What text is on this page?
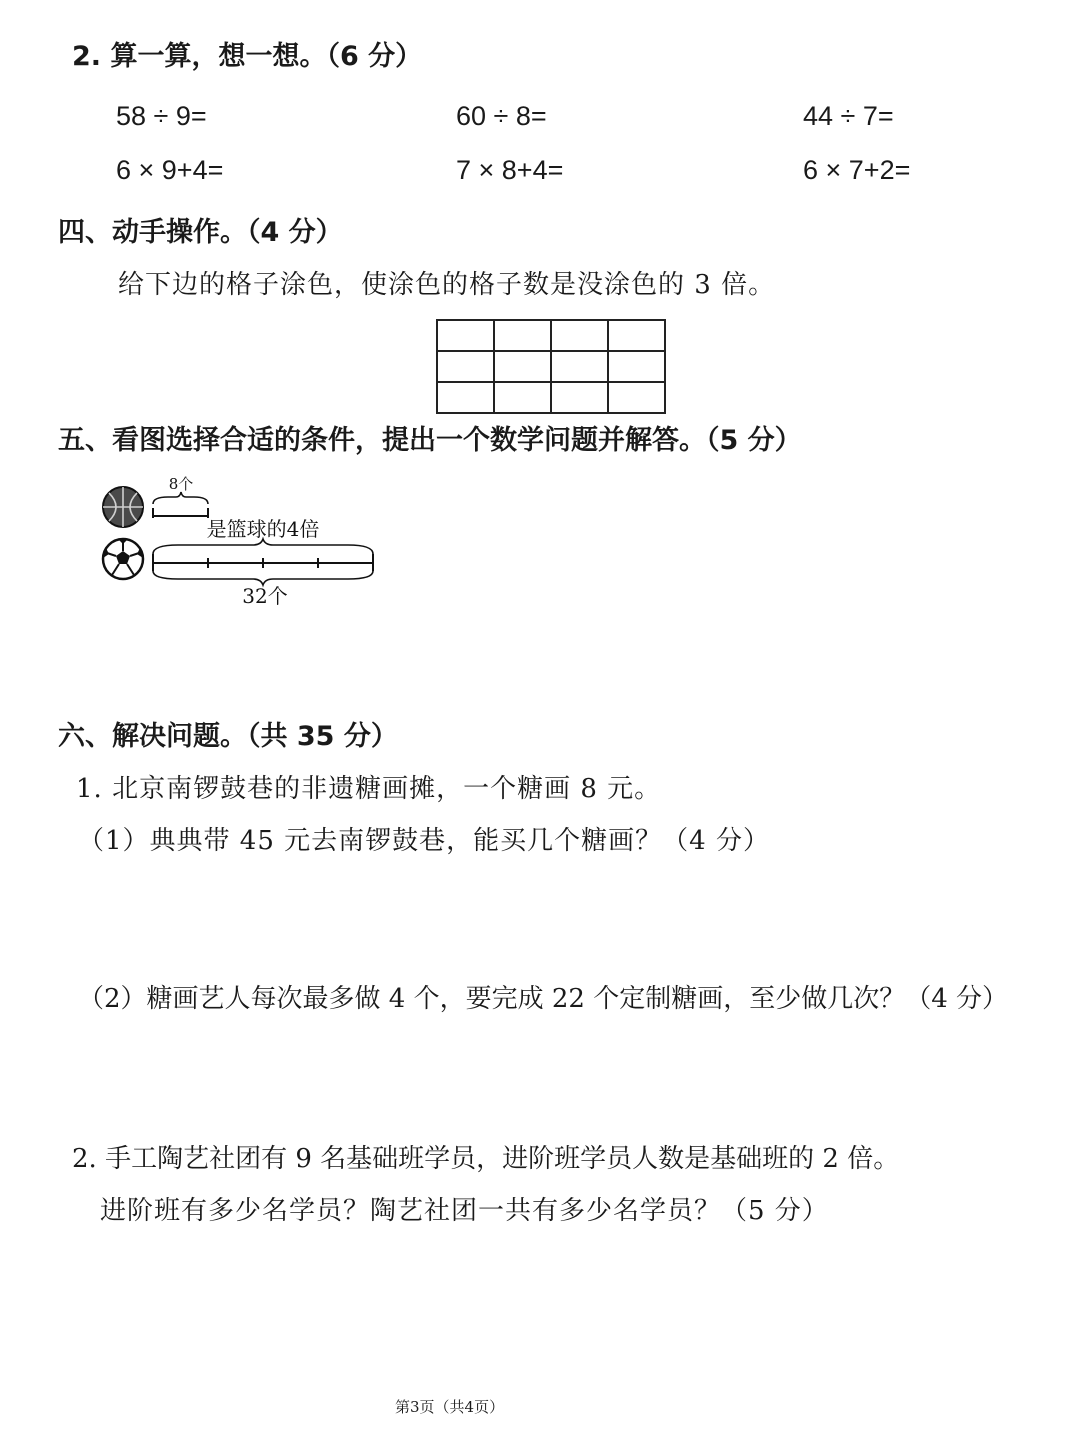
2. 算一算，想一想。（6 分）
58 ÷ 9=	60 ÷ 8=	44 ÷ 7=
6 × 9+4=	7 × 8+4=	6 × 7+2=
四、动手操作。（4 分）
给下边的格子涂色，使涂色的格子数是没涂色的 3 倍。

五、看图选择合适的条件，提出一个数学问题并解答。（5 分）
8个
是篮球的4倍
32个
六、解决问题。（共 35 分）
1. 北京南锣鼓巷的非遗糖画摊，一个糖画 8 元。
（1）典典带 45 元去南锣鼓巷，能买几个糖画？（4 分）
（2）糖画艺人每次最多做 4 个，要完成 22 个定制糖画，至少做几次？（4 分）
2. 手工陶艺社团有 9 名基础班学员，进阶班学员人数是基础班的 2 倍。
进阶班有多少名学员？陶艺社团一共有多少名学员？（5 分）
第3页（共4页）
